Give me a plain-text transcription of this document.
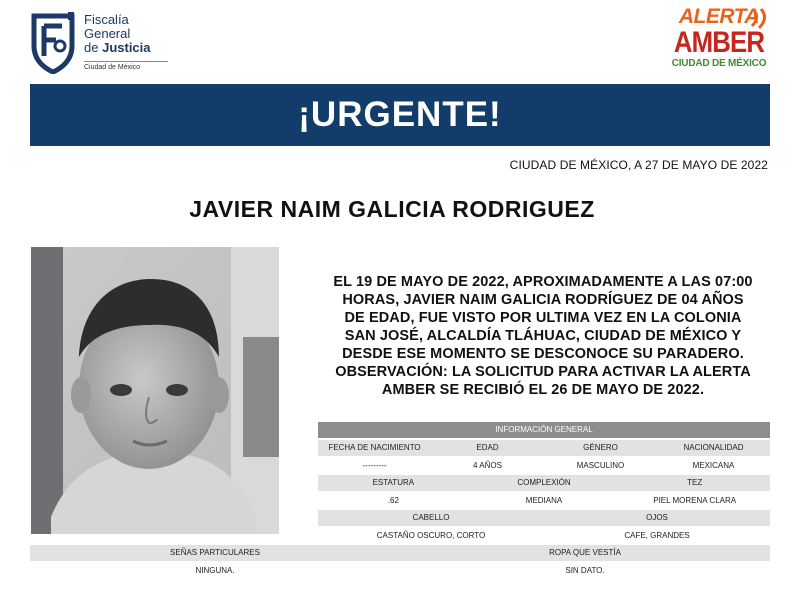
Fiscalía
General
de Justicia
Ciudad de México
ALERTA
AMBER
CIUDAD DE MÉXICO
¡URGENTE!
CIUDAD DE MÉXICO, A 27 DE MAYO DE 2022
JAVIER NAIM GALICIA RODRIGUEZ
EL 19 DE MAYO DE 2022, APROXIMADAMENTE A LAS 07:00
HORAS, JAVIER NAIM GALICIA RODRÍGUEZ DE 04 AÑOS
DE EDAD, FUE VISTO POR ULTIMA VEZ EN LA COLONIA
SAN JOSÉ, ALCALDÍA TLÁHUAC, CIUDAD DE MÉXICO Y
DESDE ESE MOMENTO SE DESCONOCE SU PARADERO.
OBSERVACIÓN: LA SOLICITUD PARA ACTIVAR LA ALERTA
AMBER SE RECIBIÓ EL 26 DE MAYO DE 2022.
INFORMACIÓN GENERAL
FECHA DE NACIMIENTO	EDAD	GÉNERO	NACIONALIDAD
---------	4 AÑOS	MASCULINO	MEXICANA
ESTATURA	COMPLEXIÓN	TEZ
.62	MEDIANA	PIEL MORENA CLARA
CABELLO	OJOS
CASTAÑO OSCURO, CORTO	CAFE, GRANDES
SEÑAS PARTICULARES	ROPA QUE VESTÍA
NINGUNA.	SIN DATO.
